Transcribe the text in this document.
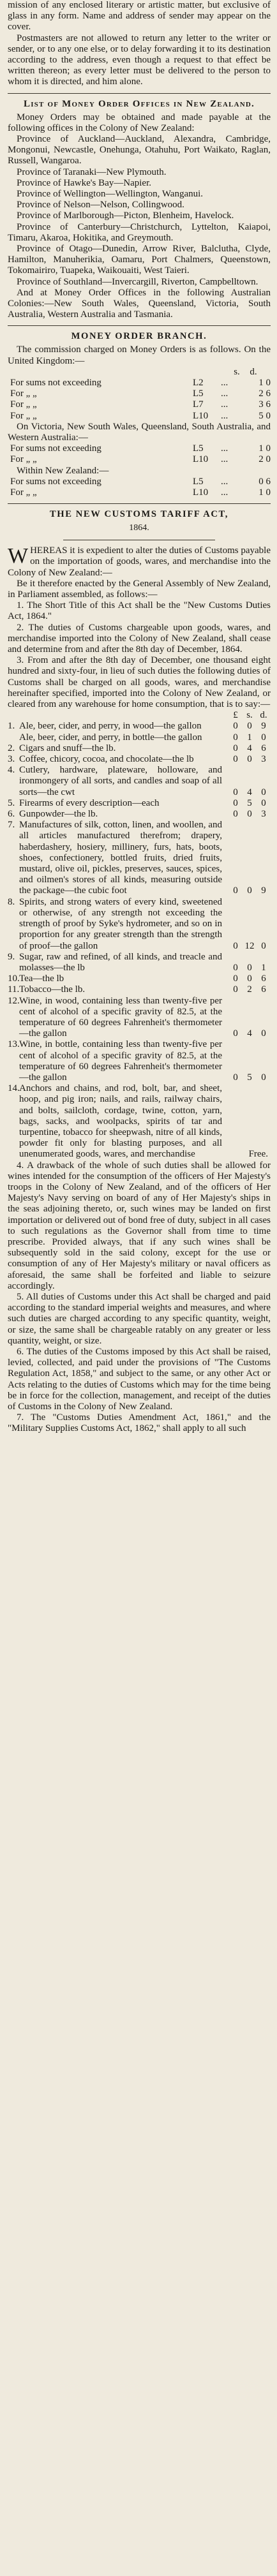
mission of any enclosed literary or artistic matter, but exclusive of glass in any form. Name and address of sender may appear on the cover.

Postmasters are not allowed to return any letter to the writer or sender, or to any one else, or to delay forwarding it to its destination according to the address, even though a request to that effect be written thereon; as every letter must be delivered to the person to whom it is directed, and him alone.

List of Money Order Offices in New Zealand.

Money Orders may be obtained and made payable at the following offices in the Colony of New Zealand:

Province of Auckland—Auckland, Alexandra, Cambridge, Mongonui, Newcastle, Onehunga, Otahuhu, Port Waikato, Raglan, Russell, Wangaroa.

Province of Taranaki—New Plymouth.

Province of Hawke's Bay—Napier.

Province of Wellington—Wellington, Wanganui.

Province of Nelson—Nelson, Collingwood.

Province of Marlborough—Picton, Blenheim, Havelock.

Province of Canterbury—Christchurch, Lyttelton, Kaiapoi, Timaru, Akaroa, Hokitika, and Greymouth.

Province of Otago—Dunedin, Arrow River, Balclutha, Clyde, Hamilton, Manuherikia, Oamaru, Port Chalmers, Queenstown, Tokomairiro, Tuapeka, Waikouaiti, West Taieri.

Province of Southland—Invercargill, Riverton, Campbelltown.

And at Money Order Offices in the following Australian Colonies:—New South Wales, Queensland, Victoria, South Australia, Western Australia and Tasmania.

MONEY ORDER BRANCH.

The commission charged on Money Orders is as follows. On the United Kingdom:—

s.	d.
For sums not exceeding	L2 ...	1 0
For „ „	L5 ...	2 6
For „ „	L7 ...	3 6
For „ „	L10 ...	5 0

On Victoria, New South Wales, Queensland, South Australia, and Western Australia:—

For sums not exceeding	L5 ...	1 0
For „ „	L10 ...	2 0

Within New Zealand:—

For sums not exceeding	L5 ...	0 6
For „ „	L10 ...	1 0
THE NEW CUSTOMS TARIFF ACT,
1864.

WHEREAS it is expedient to alter the duties of Customs payable on the importation of goods, wares, and merchandise into the Colony of New Zealand:—

Be it therefore enacted by the General Assembly of New Zealand, in Parliament assembled, as follows:—

1. The Short Title of this Act shall be the "New Customs Duties Act, 1864."

2. The duties of Customs chargeable upon goods, wares, and merchandise imported into the Colony of New Zealand, shall cease and determine from and after the 8th day of December, 1864.

3. From and after the 8th day of December, one thousand eight hundred and sixty-four, in lieu of such duties the following duties of Customs shall be charged on all goods, wares, and merchandise hereinafter specified, imported into the Colony of New Zealand, or cleared from any warehouse for home consumption, that is to say:—

£ s. d.
1. Ale, beer, cider, and perry, in wood—the gallon	0 0 9
Ale, beer, cider, and perry, in bottle—the gallon	0 1 0
2. Cigars and snuff—the lb.	0 4 6
3. Coffee, chicory, cocoa, and chocolate—the lb	0 0 3
4. Cutlery, hardware, plateware, holloware, and ironmongery of all sorts, and candles and soap of all sorts—the cwt	0 4 0
5. Firearms of every description—each	0 5 0
6. Gunpowder—the lb.	0 0 3
7. Manufactures of silk, cotton, linen, and woollen, and all articles manufactured therefrom; drapery, haberdashery, hosiery, millinery, furs, hats, boots, shoes, confectionery, bottled fruits, dried fruits, mustard, olive oil, pickles, preserves, sauces, spices, and oilmen's stores of all kinds, measuring outside the package—the cubic foot	0 0 9
8. Spirits, and strong waters of every kind, sweetened or otherwise, of any strength not exceeding the strength of proof by Syke's hydrometer, and so on in proportion for any greater strength than the strength of proof—the gallon	0 12 0
9. Sugar, raw and refined, of all kinds, and treacle and molasses—the lb	0 0 1
10. Tea—the lb	0 0 6
11. Tobacco—the lb.	0 2 6
12. Wine, in wood, containing less than twenty-five per cent of alcohol of a specific gravity of 82.5, at the temperature of 60 degrees Fahrenheit's thermometer—the gallon	0 4 0
13. Wine, in bottle, containing less than twenty-five per cent of alcohol of a specific gravity of 82.5, at the temperature of 60 degrees Fahrenheit's thermometer—the gallon	0 5 0
14. Anchors and chains, and rod, bolt, bar, and sheet, hoop, and pig iron; nails, and rails, railway chairs, and bolts, sailcloth, cordage, twine, cotton, yarn, bags, sacks, and woolpacks, spirits of tar and turpentine, tobacco for sheepwash, nitre of all kinds, powder fit only for blasting purposes, and all unenumerated goods, wares, and merchandise	Free.

4. A drawback of the whole of such duties shall be allowed for wines intended for the consumption of the officers of Her Majesty's troops in the Colony of New Zealand, and of the officers of Her Majesty's Navy serving on board of any of Her Majesty's ships in the seas adjoining thereto, or, such wines may be landed on first importation or delivered out of bond free of duty, subject in all cases to such regulations as the Governor shall from time to time prescribe. Provided always, that if any such wines shall be subsequently sold in the said colony, except for the use or consumption of any of Her Majesty's military or naval officers as aforesaid, the same shall be forfeited and liable to seizure accordingly.

5. All duties of Customs under this Act shall be charged and paid according to the standard imperial weights and measures, and where such duties are charged according to any specific quantity, weight, or size, the same shall be chargeable ratably on any greater or less quantity, weight, or size.

6. The duties of the Customs imposed by this Act shall be raised, levied, collected, and paid under the provisions of "The Customs Regulation Act, 1858," and subject to the same, or any other Act or Acts relating to the duties of Customs which may for the time being be in force for the collection, management, and receipt of the duties of Customs in the Colony of New Zealand.

7. The "Customs Duties Amendment Act, 1861," and the "Military Supplies Customs Act, 1862," shall apply to all such
